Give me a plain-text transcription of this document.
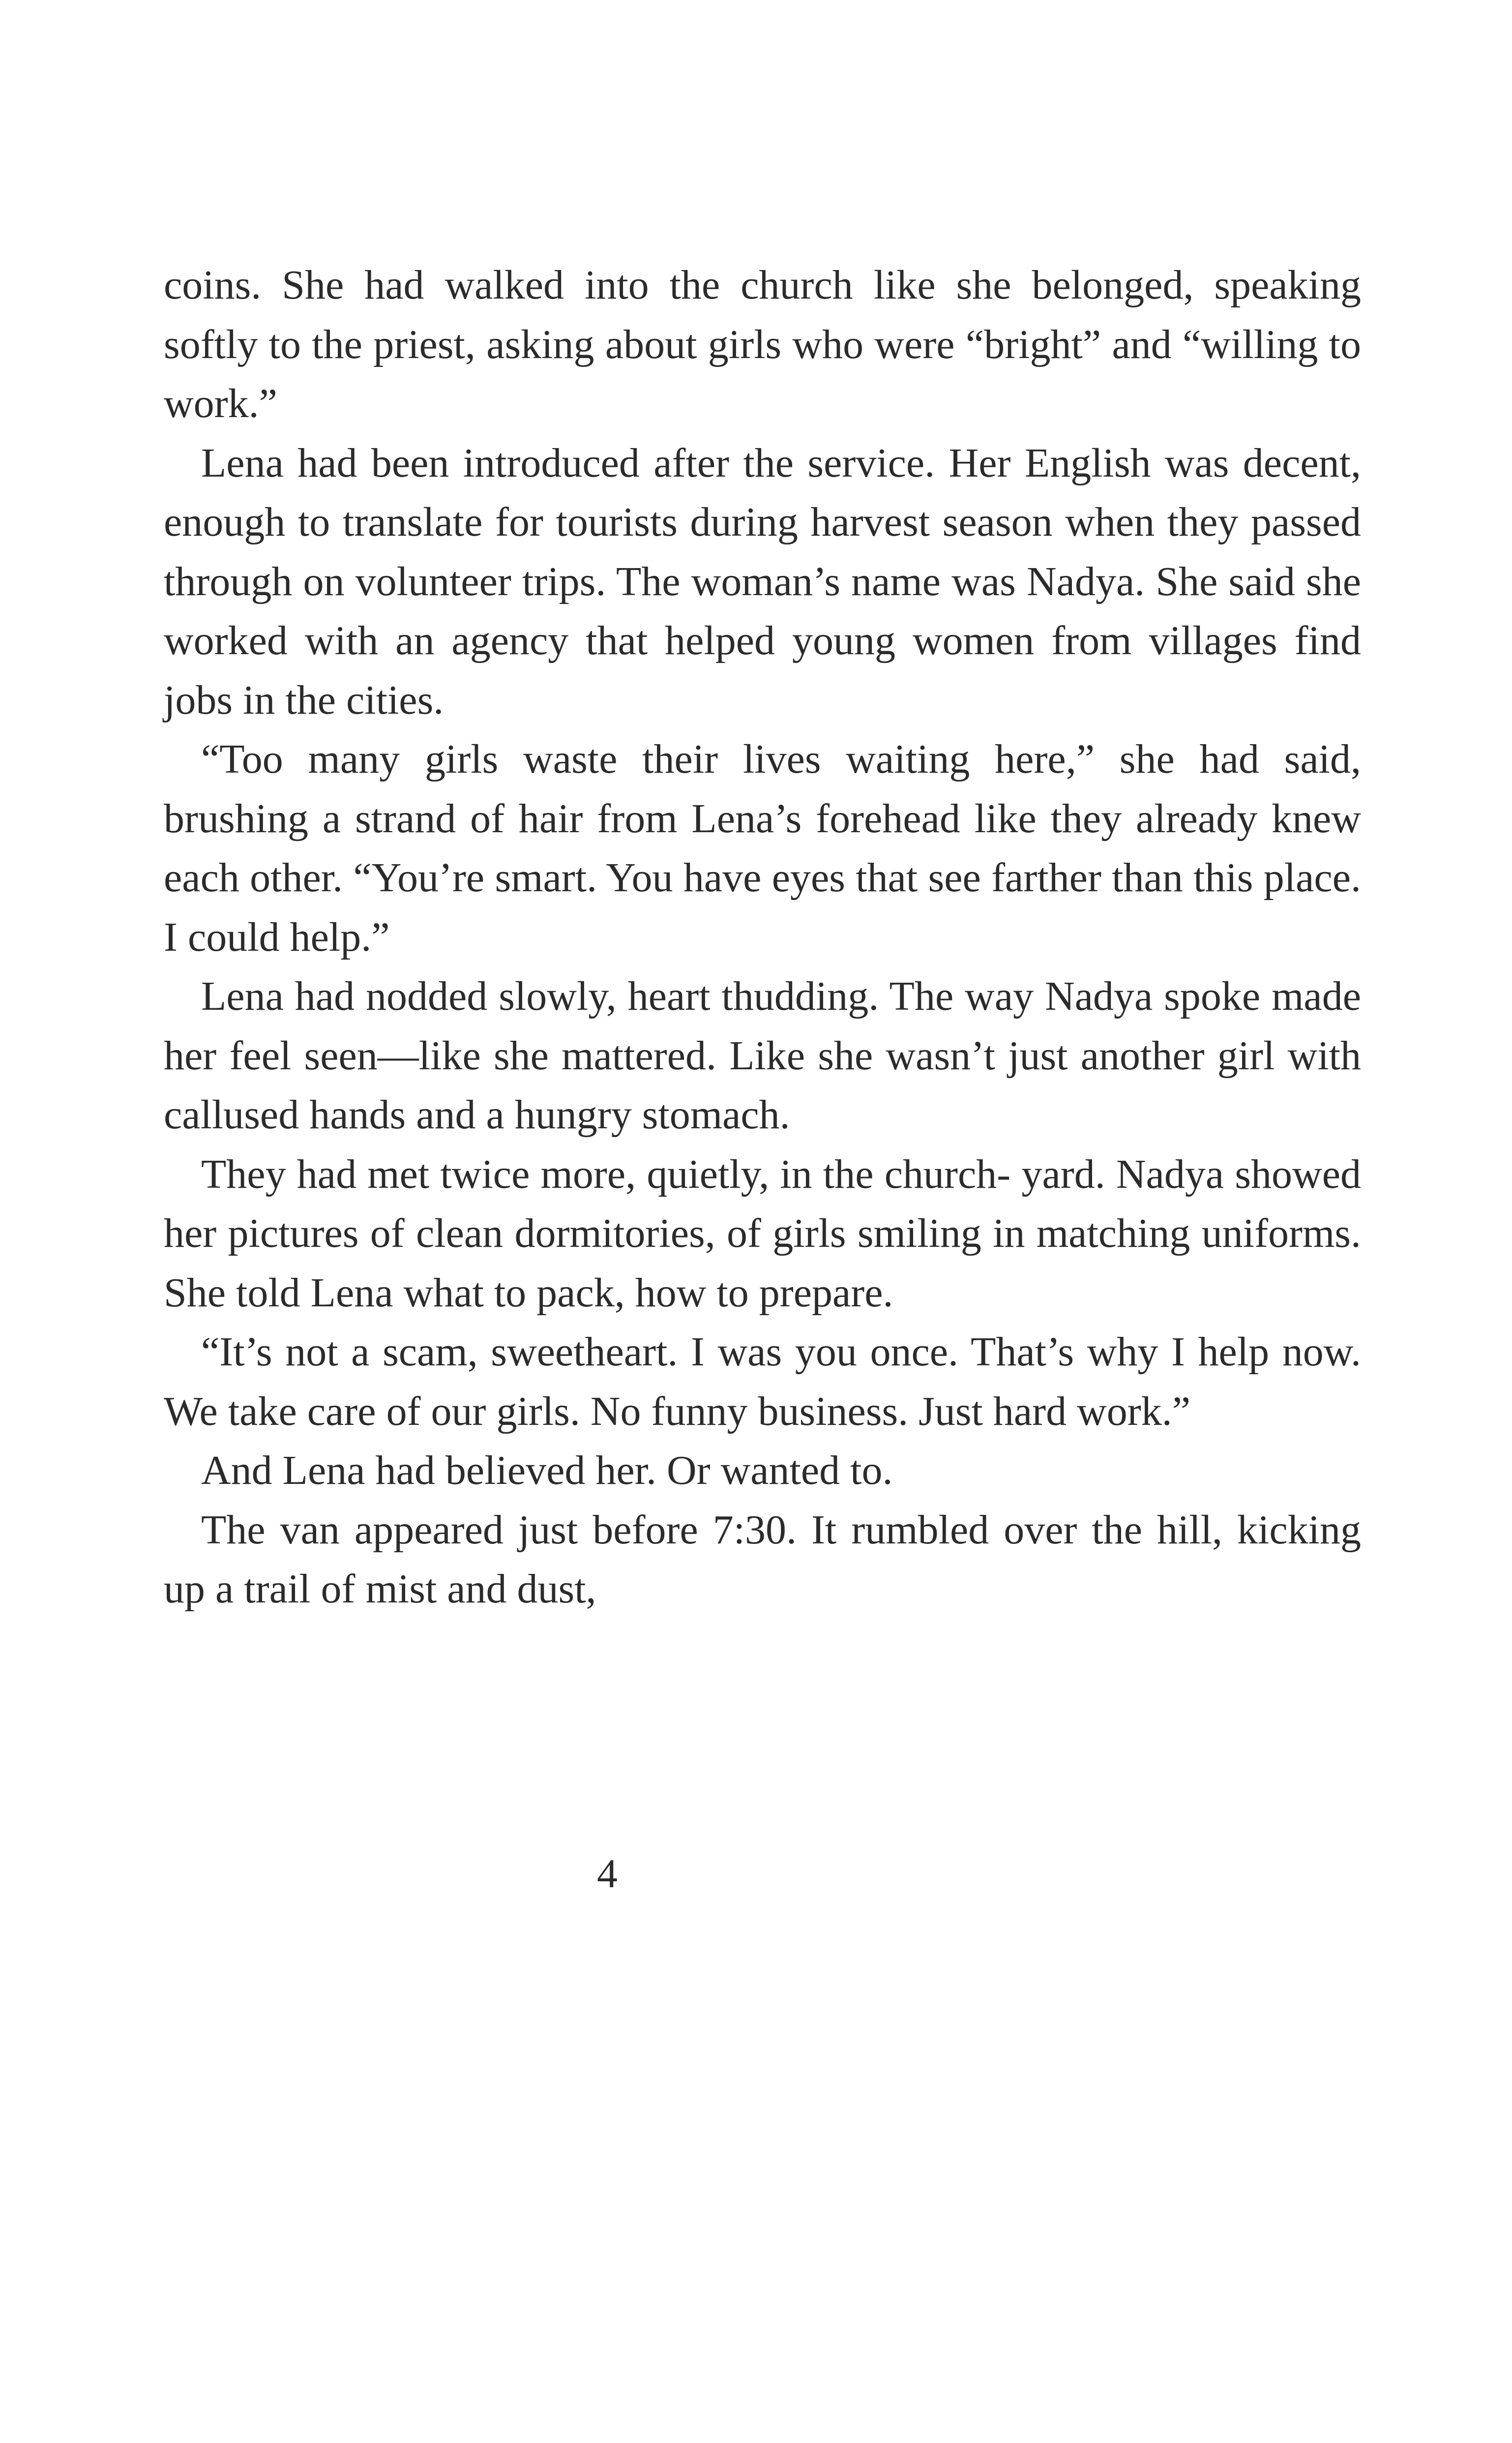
coins. She had walked into the church like she belonged, speaking softly to the priest, asking about girls who were “bright” and “willing to work.”

Lena had been introduced after the service. Her English was decent, enough to translate for tourists during harvest season when they passed through on volunteer trips. The woman’s name was Nadya. She said she worked with an agency that helped young women from villages find jobs in the cities.

“Too many girls waste their lives waiting here,” she had said, brushing a strand of hair from Lena’s forehead like they already knew each other. “You’re smart. You have eyes that see farther than this place. I could help.”

Lena had nodded slowly, heart thudding. The way Nadya spoke made her feel seen—like she mattered. Like she wasn’t just another girl with callused hands and a hungry stomach.

They had met twice more, quietly, in the church- yard. Nadya showed her pictures of clean dormitories, of girls smiling in matching uniforms. She told Lena what to pack, how to prepare.

“It’s not a scam, sweetheart. I was you once. That’s why I help now. We take care of our girls. No funny business. Just hard work.”

And Lena had believed her. Or wanted to.

The van appeared just before 7:30. It rumbled over the hill, kicking up a trail of mist and dust,

4
